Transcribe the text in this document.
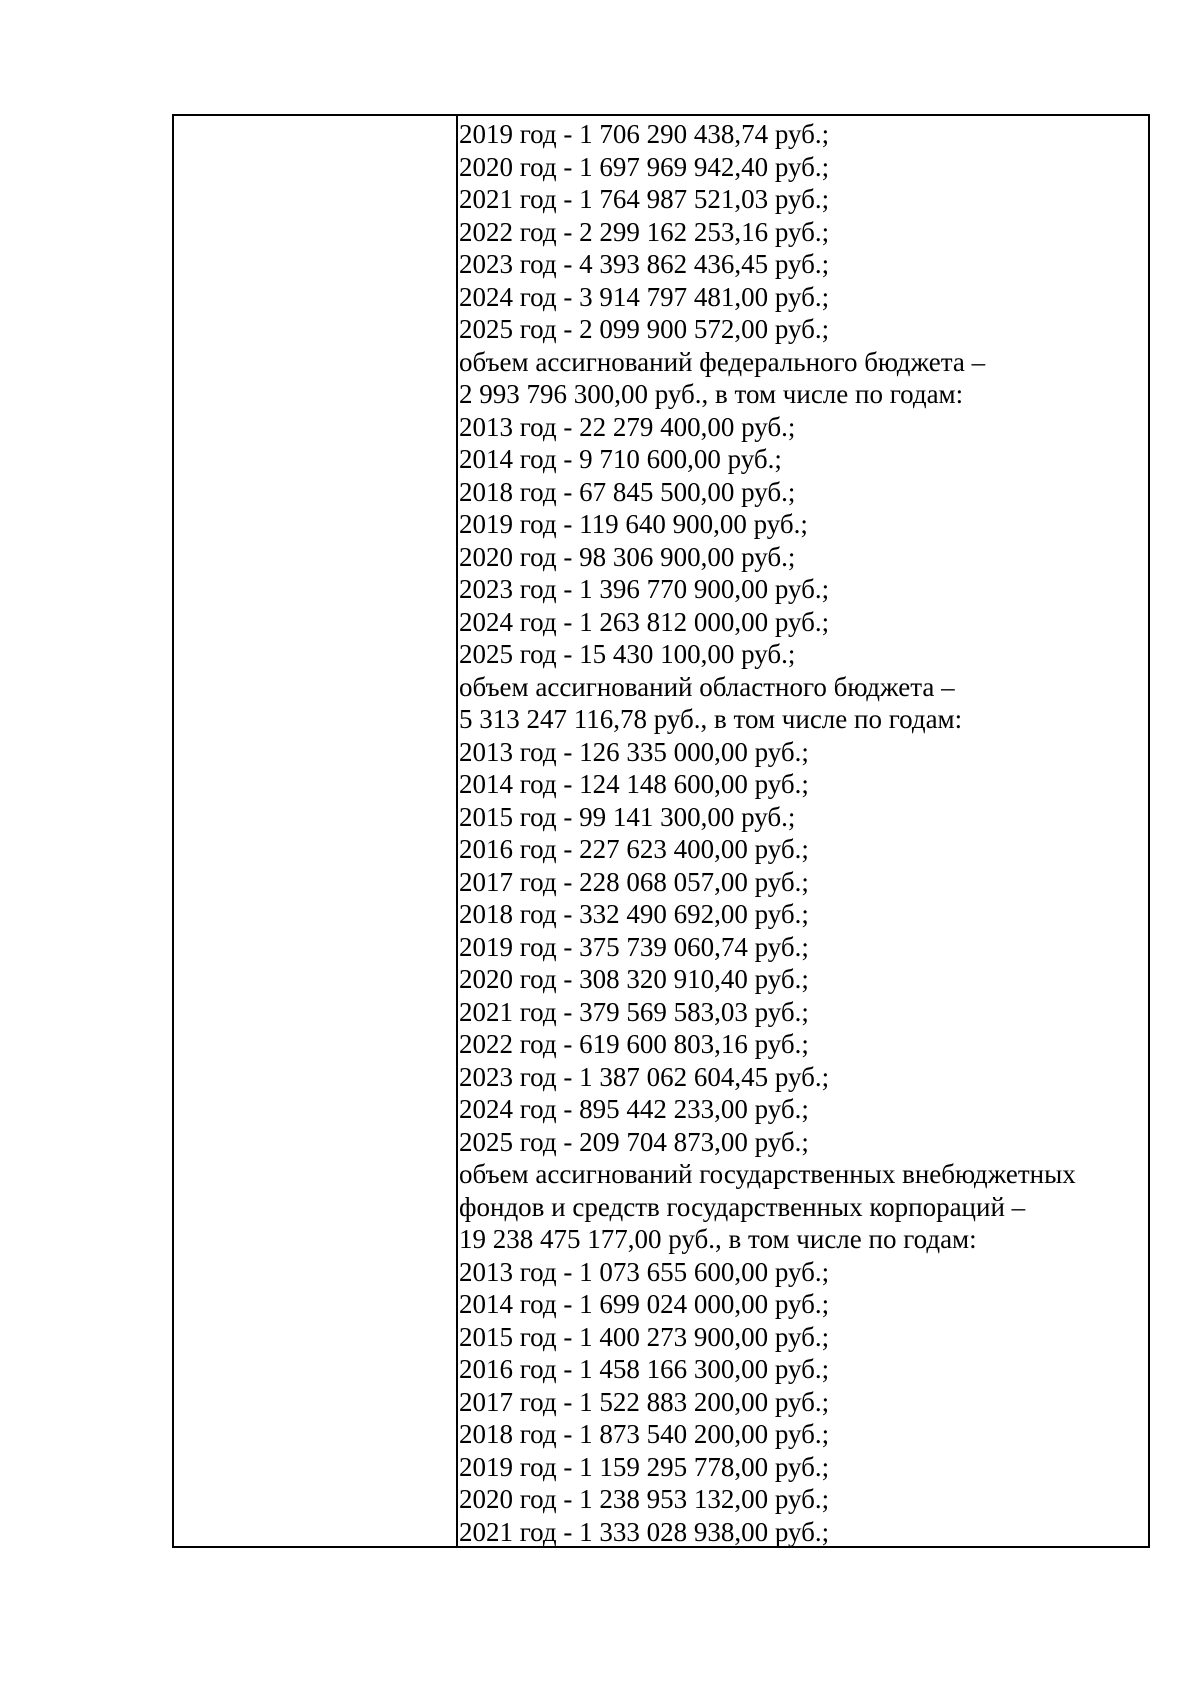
2019 год - 1 706 290 438,74 руб.;
2020 год - 1 697 969 942,40 руб.;
2021 год - 1 764 987 521,03 руб.;
2022 год - 2 299 162 253,16 руб.;
2023 год - 4 393 862 436,45 руб.;
2024 год - 3 914 797 481,00 руб.;
2025 год - 2 099 900 572,00 руб.;
объем ассигнований федерального бюджета –
2 993 796 300,00 руб., в том числе по годам:
2013 год - 22 279 400,00 руб.;
2014 год - 9 710 600,00 руб.;
2018 год - 67 845 500,00 руб.;
2019 год - 119 640 900,00 руб.;
2020 год - 98 306 900,00 руб.;
2023 год - 1 396 770 900,00 руб.;
2024 год - 1 263 812 000,00 руб.;
2025 год - 15 430 100,00 руб.;
объем ассигнований областного бюджета –
5 313 247 116,78 руб., в том числе по годам:
2013 год - 126 335 000,00 руб.;
2014 год - 124 148 600,00 руб.;
2015 год - 99 141 300,00 руб.;
2016 год - 227 623 400,00 руб.;
2017 год - 228 068 057,00 руб.;
2018 год - 332 490 692,00 руб.;
2019 год - 375 739 060,74 руб.;
2020 год - 308 320 910,40 руб.;
2021 год - 379 569 583,03 руб.;
2022 год - 619 600 803,16 руб.;
2023 год - 1 387 062 604,45 руб.;
2024 год - 895 442 233,00 руб.;
2025 год - 209 704 873,00 руб.;
объем ассигнований государственных внебюджетных
фондов и средств государственных корпораций –
19 238 475 177,00 руб., в том числе по годам:
2013 год - 1 073 655 600,00 руб.;
2014 год - 1 699 024 000,00 руб.;
2015 год - 1 400 273 900,00 руб.;
2016 год - 1 458 166 300,00 руб.;
2017 год - 1 522 883 200,00 руб.;
2018 год - 1 873 540 200,00 руб.;
2019 год - 1 159 295 778,00 руб.;
2020 год - 1 238 953 132,00 руб.;
2021 год - 1 333 028 938,00 руб.;
